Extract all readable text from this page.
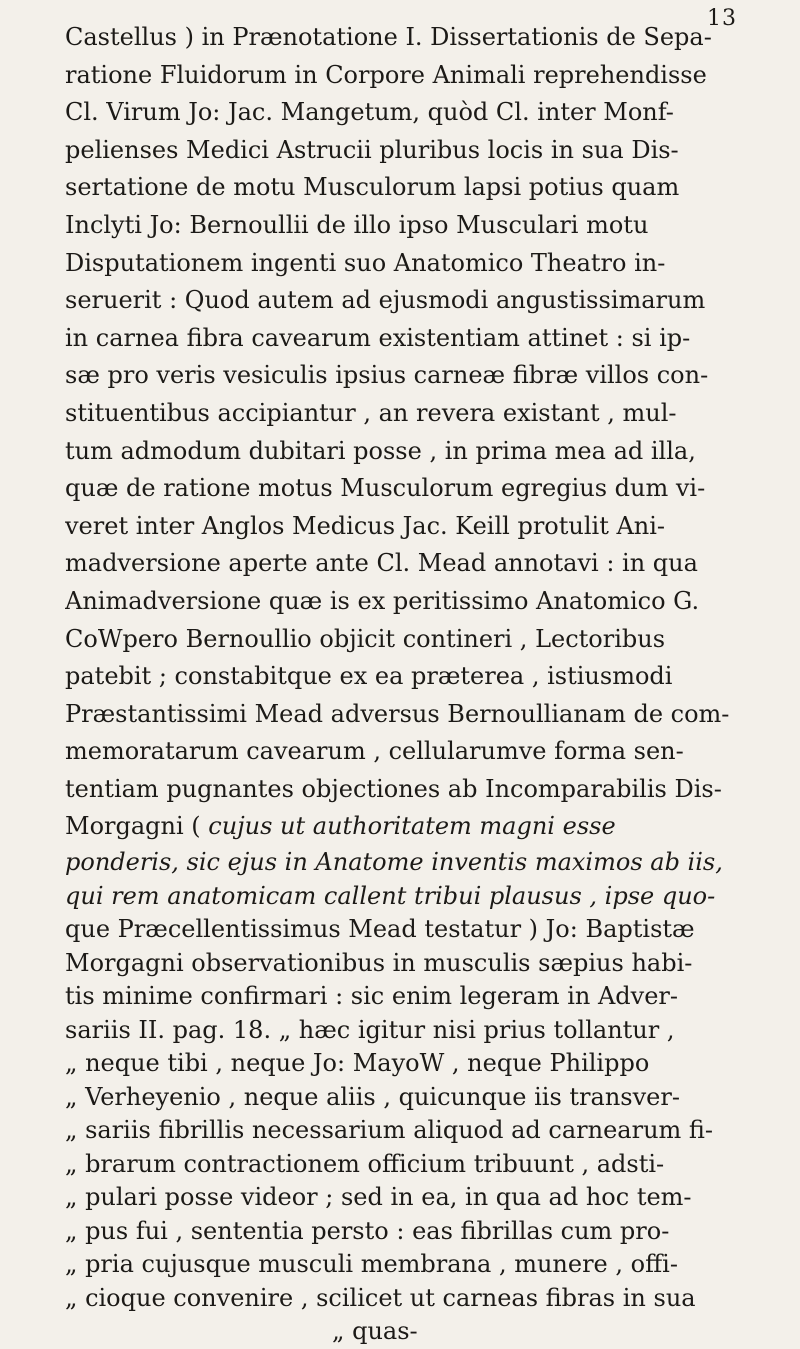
13
Castellus ) in Prænotatione I. Dissertationis de Sepa-
ratione Fluidorum in Corpore Animali reprehendisse
Cl. Virum Jo: Jac. Mangetum, quòd Cl. inter Monf-
pelienses Medici Astrucii pluribus locis in sua Dis-
sertatione de motu Musculorum lapsi potius quam
Inclyti Jo: Bernoullii de illo ipso Musculari motu
Disputationem ingenti suo Anatomico Theatro in-
seruerit : Quod autem ad ejusmodi angustissimarum
in carnea fibra cavearum existentiam attinet : si ip-
sæ pro veris vesiculis ipsius carneæ fibræ villos con-
stituentibus accipiantur , an revera existant , mul-
tum admodum dubitari posse , in prima mea ad illa,
quæ de ratione motus Musculorum egregius dum vi-
veret inter Anglos Medicus Jac. Keill protulit Ani-
madversione aperte ante Cl. Mead annotavi : in qua
Animadversione quæ is ex peritissimo Anatomico G.
CoWpero Bernoullio objicit contineri , Lectoribus
patebit ; constabitque ex ea præterea , istiusmodi
Præstantissimi Mead adversus Bernoullianam de com-
memoratarum cavearum , cellularumve forma sen-
tentiam pugnantes objectiones ab Incomparabilis Dis-
Morgagni ( cujus ut authoritatem magni esse
ponderis, sic ejus in Anatome inventis maximos ab iis,
qui rem anatomicam callent tribui plausus , ipse quo-
que Præcellentissimus Mead testatur ) Jo: Baptistæ
Morgagni observationibus in musculis sæpius habi-
tis minime confirmari : sic enim legeram in Adver-
sariis II. pag. 18. „ hæc igitur nisi prius tollantur ,
„ neque tibi , neque Jo: MayoW , neque Philippo
„ Verheyenio , neque aliis , quicunque iis transver-
„ sariis fibrillis necessarium aliquod ad carnearum fi-
„ brarum contractionem officium tribuunt , adsti-
„ pulari posse videor ; sed in ea, in qua ad hoc tem-
„ pus fui , sententia persto : eas fibrillas cum pro-
„ pria cujusque musculi membrana , munere , offi-
„ cioque convenire , scilicet ut carneas fibras in sua
„ quas-
